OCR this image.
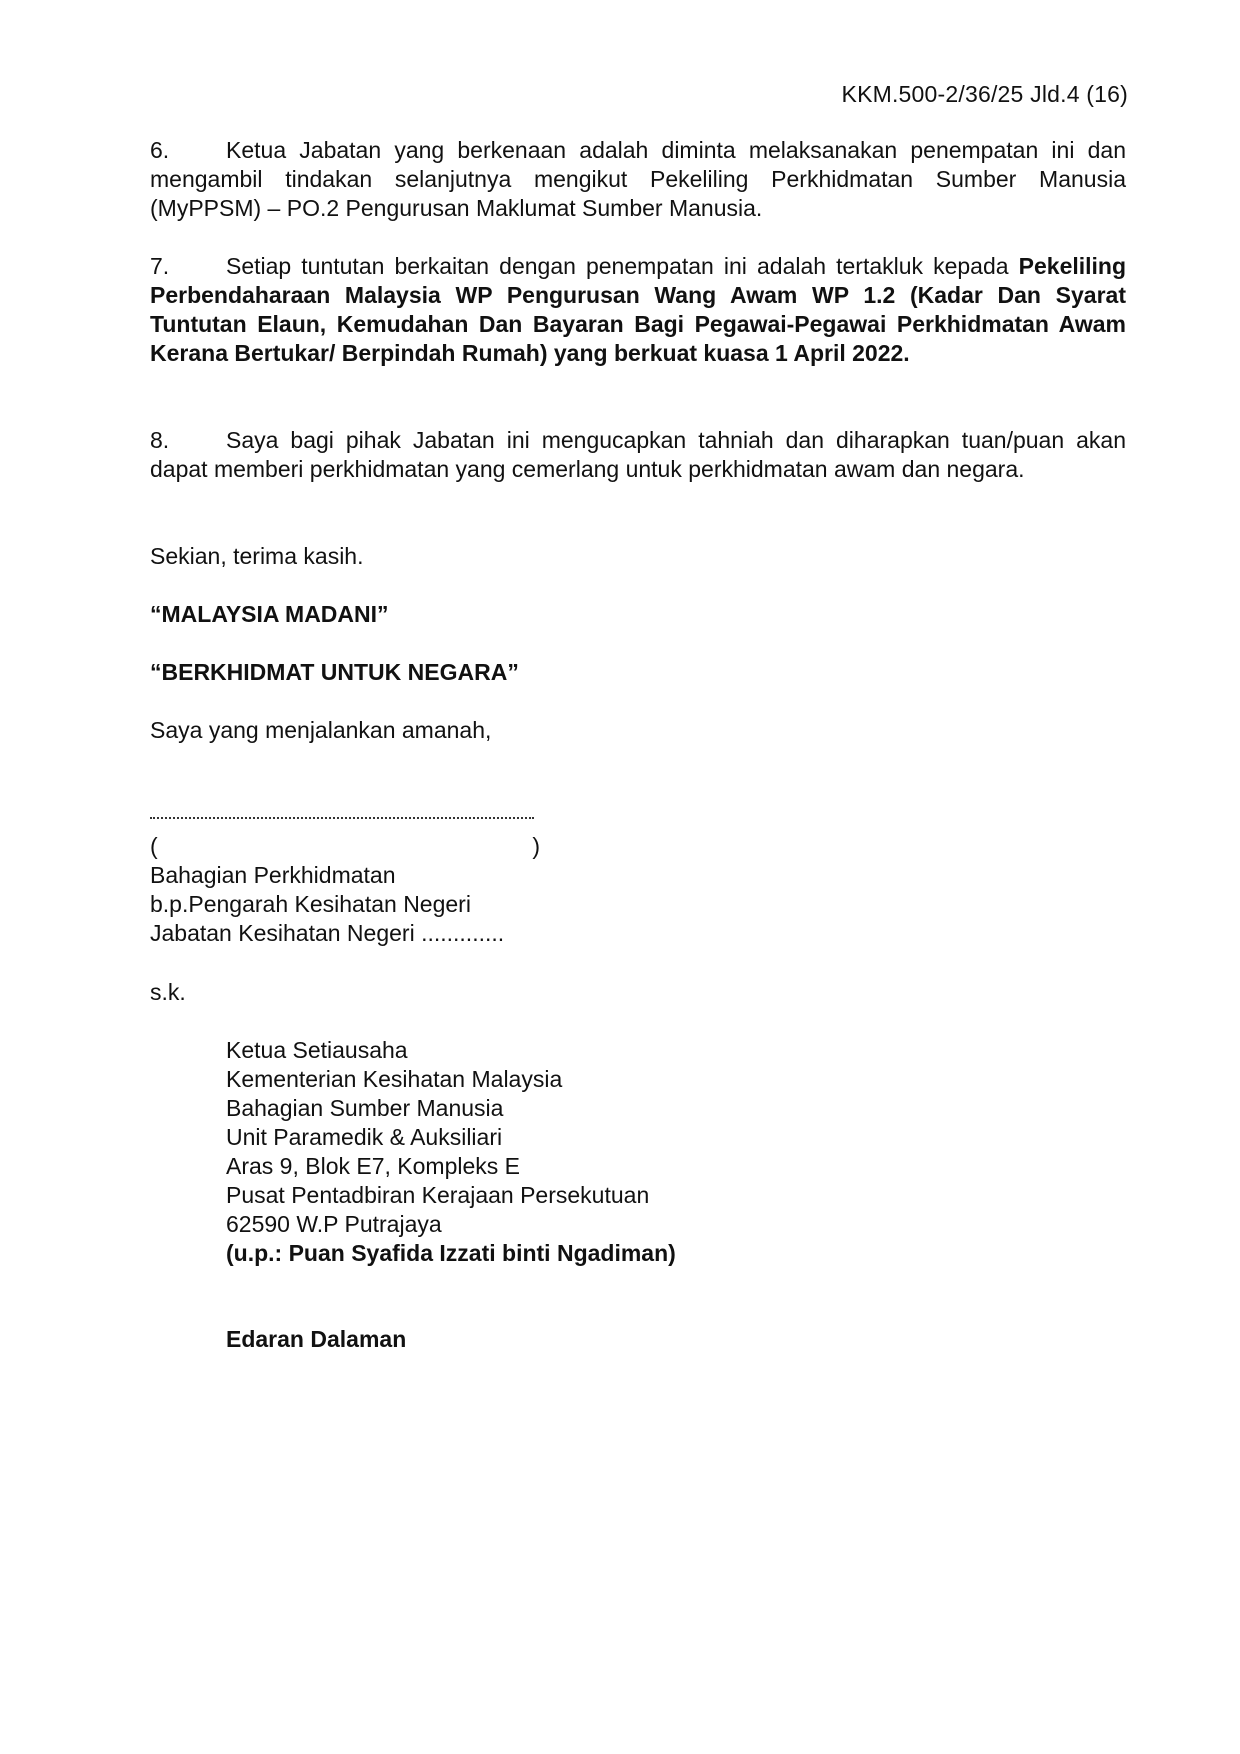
KKM.500-2/36/25 Jld.4 (16)
6. Ketua Jabatan yang berkenaan adalah diminta melaksanakan penempatan ini dan mengambil tindakan selanjutnya mengikut Pekeliling Perkhidmatan Sumber Manusia (MyPPSM) – PO.2 Pengurusan Maklumat Sumber Manusia.
7. Setiap tuntutan berkaitan dengan penempatan ini adalah tertakluk kepada Pekeliling Perbendaharaan Malaysia WP Pengurusan Wang Awam WP 1.2 (Kadar Dan Syarat Tuntutan Elaun, Kemudahan Dan Bayaran Bagi Pegawai-Pegawai Perkhidmatan Awam Kerana Bertukar/ Berpindah Rumah) yang berkuat kuasa 1 April 2022.
8. Saya bagi pihak Jabatan ini mengucapkan tahniah dan diharapkan tuan/puan akan dapat memberi perkhidmatan yang cemerlang untuk perkhidmatan awam dan negara.
Sekian, terima kasih.
“MALAYSIA MADANI”
“BERKHIDMAT UNTUK NEGARA”
Saya yang menjalankan amanah,
(	)
Bahagian Perkhidmatan
b.p.Pengarah Kesihatan Negeri
Jabatan Kesihatan Negeri .............
s.k.
Ketua Setiausaha
Kementerian Kesihatan Malaysia
Bahagian Sumber Manusia
Unit Paramedik & Auksiliari
Aras 9, Blok E7, Kompleks E
Pusat Pentadbiran Kerajaan Persekutuan
62590 W.P Putrajaya
(u.p.: Puan Syafida Izzati binti Ngadiman)
Edaran Dalaman
